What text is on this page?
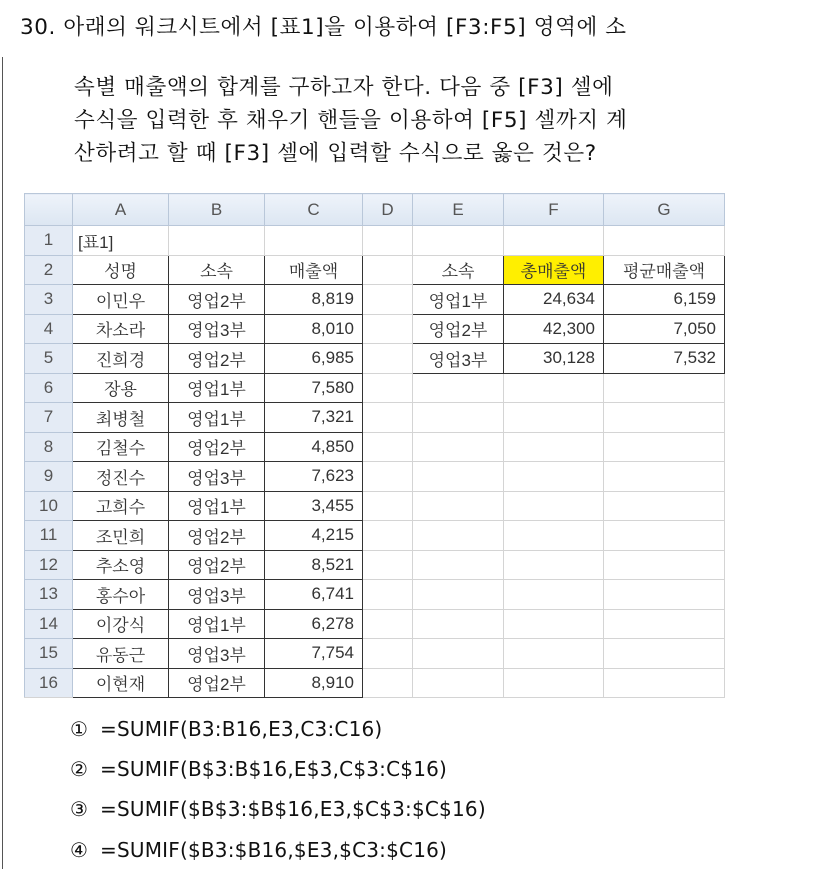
30. 아래의 워크시트에서 [표1]을 이용하여 [F3:F5] 영역에 소
속별 매출액의 합계를 구하고자 한다. 다음 중 [F3] 셀에
수식을 입력한 후 채우기 핸들을 이용하여 [F5] 셀까지 계
산하려고 할 때 [F3] 셀에 입력할 수식으로 옳은 것은?
	A	B	C	D	E	F	G
1	[표1]						
2	성명	소속	매출액		소속	총매출액	평균매출액
3	이민우	영업2부	8,819		영업1부	24,634	6,159
4	차소라	영업3부	8,010		영업2부	42,300	7,050
5	진희경	영업2부	6,985		영업3부	30,128	7,532
6	장용	영업1부	7,580				
7	최병철	영업1부	7,321				
8	김철수	영업2부	4,850				
9	정진수	영업3부	7,623				
10	고희수	영업1부	3,455				
11	조민희	영업2부	4,215				
12	추소영	영업2부	8,521				
13	홍수아	영업3부	6,741				
14	이강식	영업1부	6,278				
15	유동근	영업3부	7,754				
16	이현재	영업2부	8,910				
① =SUMIF(B3:B16,E3,C3:C16)
② =SUMIF(B$3:B$16,E$3,C$3:C$16)
③ =SUMIF($B$3:$B$16,E3,$C$3:$C$16)
④ =SUMIF($B3:$B16,$E3,$C3:$C16)
